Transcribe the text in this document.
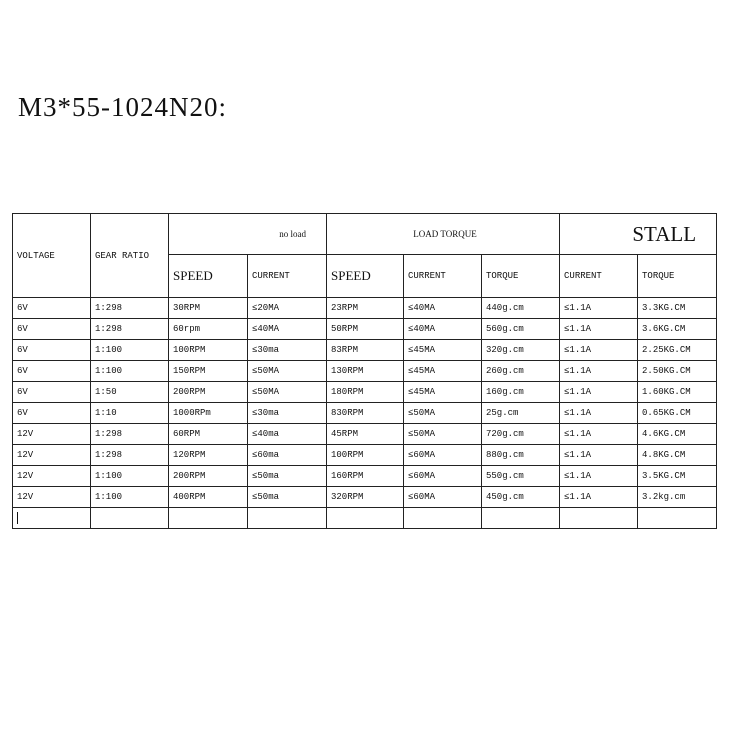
M3*55-1024N20:
VOLTAGE	GEAR RATIO	no load		LOAD TORQUE			STALL	
		SPEED	CURRENT	SPEED	CURRENT	TORQUE	CURRENT	TORQUE
6V	1:298	30RPM	≤20MA	23RPM	≤40MA	440g.cm	≤1.1A	3.3KG.CM
6V	1:298	60rpm	≤40MA	50RPM	≤40MA	560g.cm	≤1.1A	3.6KG.CM
6V	1:100	100RPM	≤30ma	83RPM	≤45MA	320g.cm	≤1.1A	2.25KG.CM
6V	1:100	150RPM	≤50MA	130RPM	≤45MA	260g.cm	≤1.1A	2.50KG.CM
6V	1:50	200RPM	≤50MA	180RPM	≤45MA	160g.cm	≤1.1A	1.60KG.CM
6V	1:10	1000RPm	≤30ma	830RPM	≤50MA	25g.cm	≤1.1A	0.65KG.CM
12V	1:298	60RPM	≤40ma	45RPM	≤50MA	720g.cm	≤1.1A	4.6KG.CM
12V	1:298	120RPM	≤60ma	100RPM	≤60MA	880g.cm	≤1.1A	4.8KG.CM
12V	1:100	200RPM	≤50ma	160RPM	≤60MA	550g.cm	≤1.1A	3.5KG.CM
12V	1:100	400RPM	≤50ma	320RPM	≤60MA	450g.cm	≤1.1A	3.2kg.cm
